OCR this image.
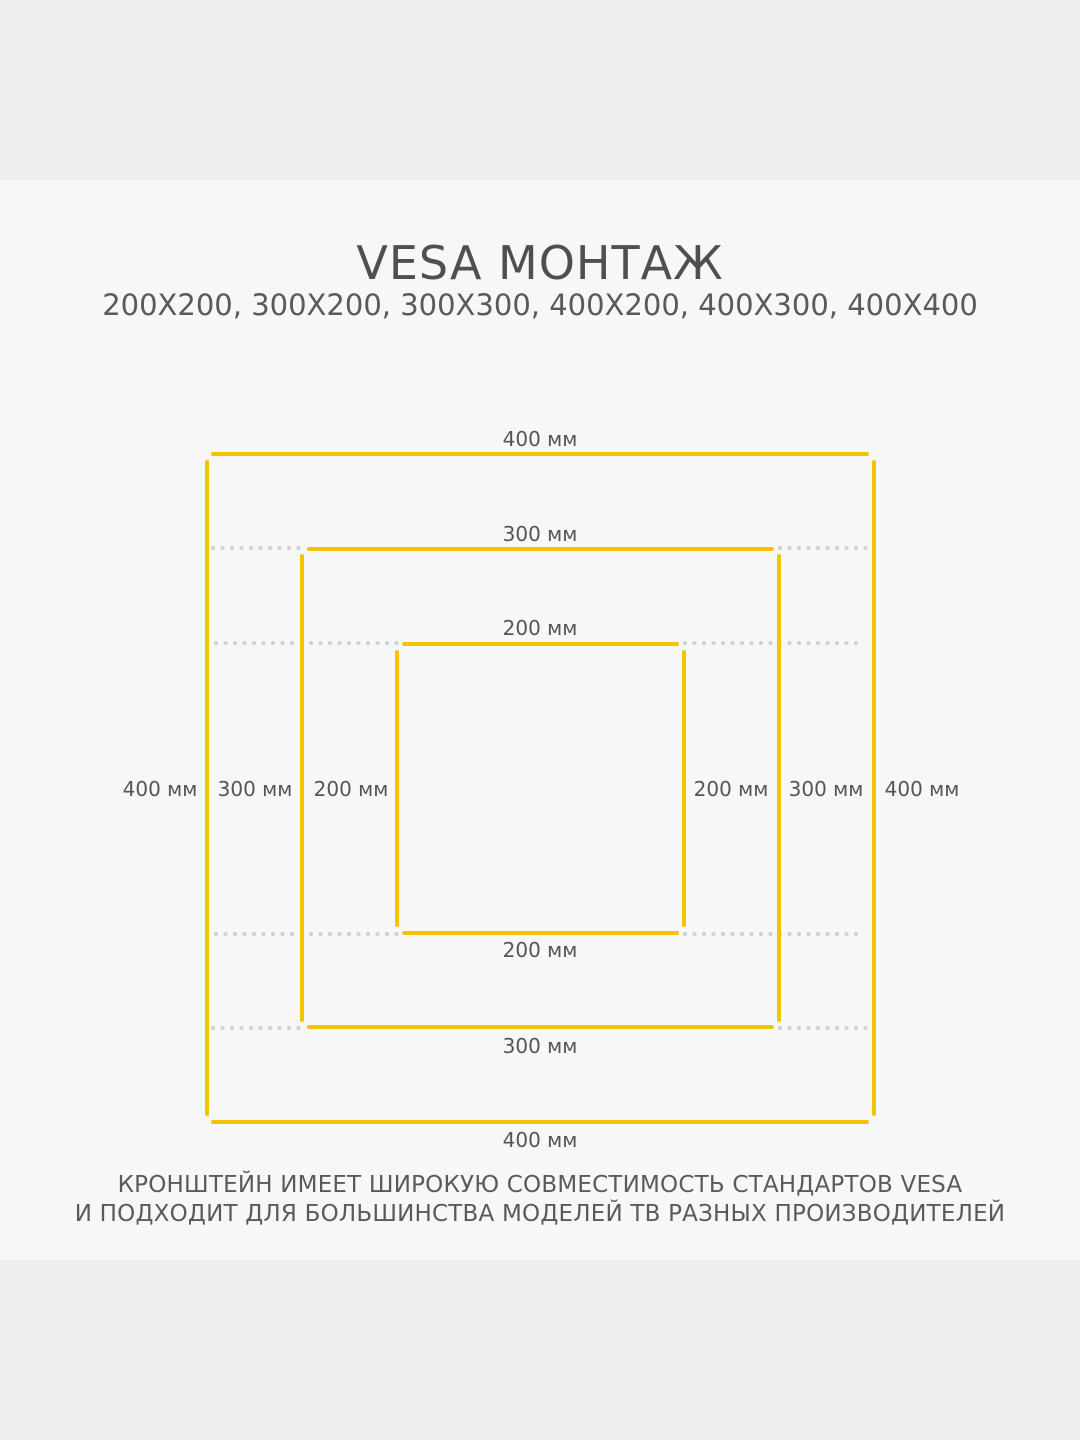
VESA МОНТАЖ
200X200, 300X200, 300X300, 400X200, 400X300, 400X400
400 мм
300 мм
200 мм
200 мм
300 мм
400 мм
400 мм 300 мм 200 мм	200 мм 300 мм 400 мм
КРОНШТЕЙН ИМЕЕТ ШИРОКУЮ СОВМЕСТИМОСТЬ СТАНДАРТОВ VESA
И ПОДХОДИТ ДЛЯ БОЛЬШИНСТВА МОДЕЛЕЙ ТВ РАЗНЫХ ПРОИЗВОДИТЕЛЕЙ
